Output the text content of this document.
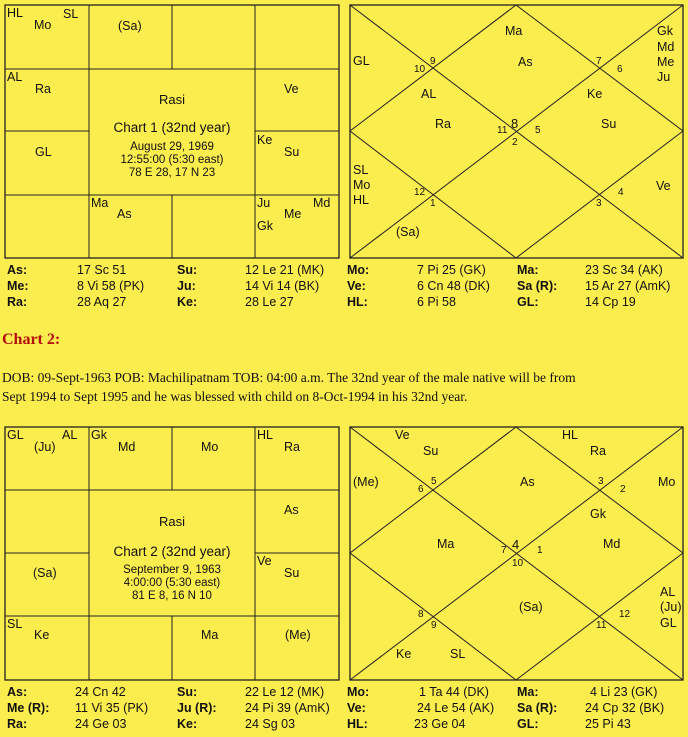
HL
Mo
SL
(Sa)
AL
Ra	Ve
GL
Ke
Su
Ma
As
Ju
Me
Md
Gk
Rasi
Chart 1 (32nd year)
August 29, 1969
12:55:00 (5:30 east)
78 E 28, 17 N 23
Ma	Gk
Md
Me
Ju
GL	As
10
9	7
6
AL	Ke
Ra	Su
11 8 5
2
SL
Mo
HL
12
1	3
4	Ve
(Sa)
As:	17 Sc 51	Su:	12 Le 21 (MK) Mo:	7 Pi 25 (GK) Ma:	23 Sc 34 (AK)
Me:	8 Vi 58 (PK)	Ju:	14 Vi 14 (BK) Ve:	6 Cn 48 (DK) Sa (R): 15 Ar 27 (AmK)
Ra:	28 Aq 27	Ke:	28 Le 27	HL:	6 Pi 58	GL:	14 Cp 19
Chart 2:
DOB: 09-Sept-1963 POB: Machilipatnam TOB: 04:00 a.m. The 32nd year of the male native will be from
Sept 1994 to Sept 1995 and he was blessed with child on 8-Oct-1994 in his 32nd year.
GL	AL
(Ju)
Gk
Md	Mo
HL
Ra
As
(Sa)
Ve
Su
SL
Ke	Ma	(Me)
Rasi
Chart 2 (32nd year)
September 9, 1963
4:00:00 (5:30 east)
81 E 8, 16 N 10
Ve
Su
HL
Ra
(Me)
6
5	As	3
2
Mo
Gk
Ma	Md
7 4 1
10
(Sa)
AL
(Ju)
GL
8
9
12
11
Ke	SL
As:	24 Cn 42	Su:	22 Le 12 (MK) Mo:	1 Ta 44 (DK) Ma:	4 Li 23 (GK)
Me (R): 11 Vi 35 (PK) Ju (R): 24 Pi 39 (AmK) Ve:	24 Le 54 (AK) Sa (R): 24 Cp 32 (BK)
Ra:	24 Ge 03	Ke:	24 Sg 03	HL:	23 Ge 04	GL:	25 Pi 43
